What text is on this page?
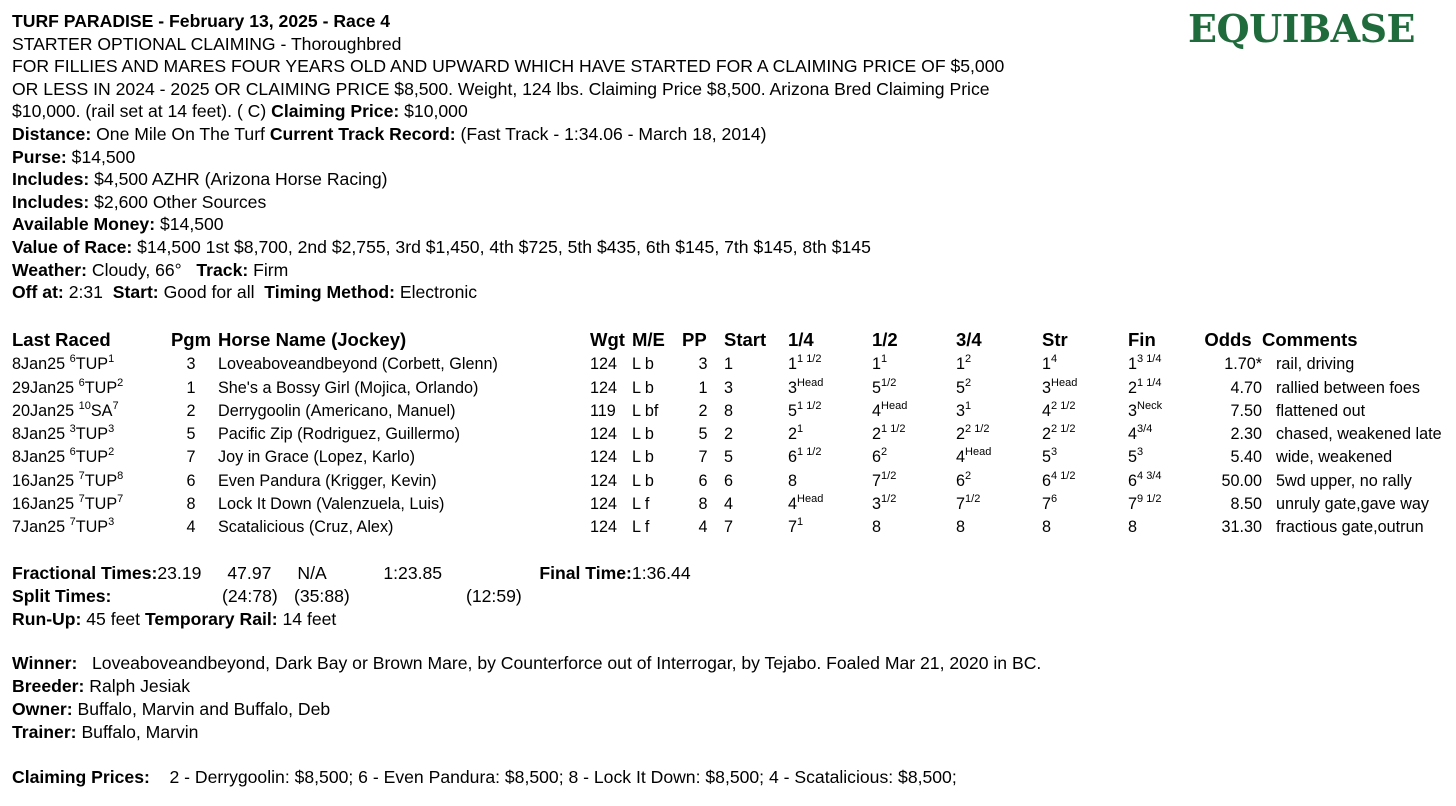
EQUIBASE
TURF PARADISE - February 13, 2025 - Race 4
STARTER OPTIONAL CLAIMING - Thoroughbred
FOR FILLIES AND MARES FOUR YEARS OLD AND UPWARD WHICH HAVE STARTED FOR A CLAIMING PRICE OF $5,000
OR LESS IN 2024 - 2025 OR CLAIMING PRICE $8,500. Weight, 124 lbs. Claiming Price $8,500. Arizona Bred Claiming Price
$10,000. (rail set at 14 feet). ( C) Claiming Price: $10,000
Distance: One Mile On The Turf Current Track Record: (Fast Track - 1:34.06 - March 18, 2014)
Purse: $14,500
Includes: $4,500 AZHR (Arizona Horse Racing)
Includes: $2,600 Other Sources
Available Money: $14,500
Value of Race: $14,500 1st $8,700, 2nd $2,755, 3rd $1,450, 4th $725, 5th $435, 6th $145, 7th $145, 8th $145
Weather: Cloudy, 66° Track: Firm
Off at: 2:31 Start: Good for all Timing Method: Electronic
Last Raced	Pgm	Horse Name (Jockey)	Wgt	M/E	PP	Start	1/4	1/2	3/4	Str	Fin	Odds	Comments
8Jan25 $^6$TUP$^1$	3	Loveaboveandbeyond (Corbett, Glenn)	124	L b	3	1	$1^{1 1/2}$	$1^1$	$1^2$	$1^4$	$1^{3 1/4}$	1.70*	rail, driving
29Jan25 $^6$TUP$^2$	1	She's a Bossy Girl (Mojica, Orlando)	124	L b	1	3	$3^{Head}$	$5^{1/2}$	$5^2$	$3^{Head}$	$2^{1 1/4}$	4.70	rallied between foes
20Jan25 $^{10}SA^7$	2	Derrygoolin (Americano, Manuel)	119	L bf	2	8	$5^{1 1/2}$	$4^{Head}$	$3^1$	$4^{2 1/2}$	$3^{Neck}$	7.50	flattened out
8Jan25 $^3$TUP$^3$	5	Pacific Zip (Rodriguez, Guillermo)	124	L b	5	2	$2^1$	$2^{1 1/2}$	$2^{2 1/2}$	$2^{2 1/2}$	$4^{3/4}$	2.30	chased, weakened late
8Jan25 $^6$TUP$^2$	7	Joy in Grace (Lopez, Karlo)	124	L b	7	5	$6^{1 1/2}$	$6^2$	$4^{Head}$	$5^3$	$5^3$	5.40	wide, weakened
16Jan25 $^7$TUP$^8$	6	Even Pandura (Krigger, Kevin)	124	L b	6	6	8	$7^{1/2}$	$6^2$	$6^{4 1/2}$	$6^{4 3/4}$	50.00	5wd upper, no rally
16Jan25 $^7$TUP$^7$	8	Lock It Down (Valenzuela, Luis)	124	L f	8	4	$4^{Head}$	$3^{1/2}$	$7^{1/2}$	$7^6$	$7^{9 1/2}$	8.50	unruly gate,gave way
7Jan25 $^7$TUP$^3$	4	Scatalicious (Cruz, Alex)	124	L f	4	7	$7^1$	8	8	8	8	31.30	fractious gate,outrun
Fractional Times:23.19 47.97 N/A	1:23.85	Final Time:1:36.44
Split Times:	(24:78) (35:88)	(12:59)
Run-Up: 45 feet Temporary Rail: 14 feet
Winner: Loveaboveandbeyond, Dark Bay or Brown Mare, by Counterforce out of Interrogar, by Tejabo. Foaled Mar 21, 2020 in BC.
Breeder: Ralph Jesiak
Owner: Buffalo, Marvin and Buffalo, Deb
Trainer: Buffalo, Marvin
Claiming Prices: 2 - Derrygoolin: $8,500; 6 - Even Pandura: $8,500; 8 - Lock It Down: $8,500; 4 - Scatalicious: $8,500;
